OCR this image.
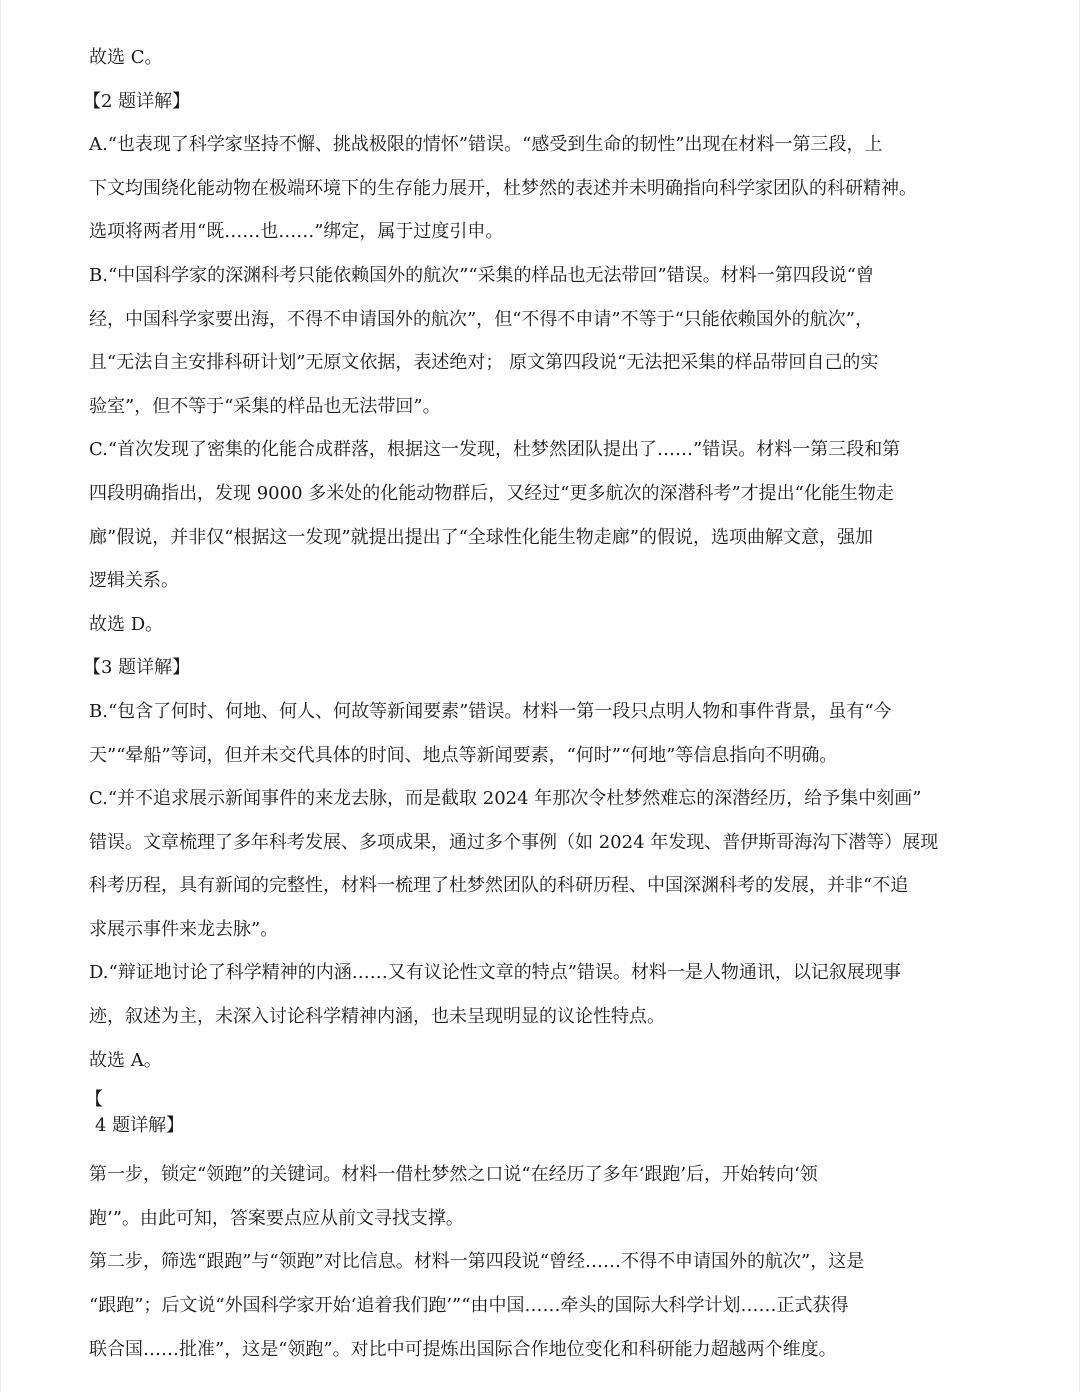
故选 C。
【2 题详解】
A.“也表现了科学家坚持不懈、挑战极限的情怀”错误。“感受到生命的韧性”出现在材料一第三段，上
下文均围绕化能动物在极端环境下的生存能力展开，杜梦然的表述并未明确指向科学家团队的科研精神。
选项将两者用“既……也……”绑定，属于过度引申。
B.“中国科学家的深渊科考只能依赖国外的航次”“采集的样品也无法带回”错误。材料一第四段说“曾
经，中国科学家要出海，不得不申请国外的航次”，但“不得不申请”不等于“只能依赖国外的航次”，
且“无法自主安排科研计划”无原文依据，表述绝对； 原文第四段说“无法把采集的样品带回自己的实
验室”，但不等于“采集的样品也无法带回”。
C.“首次发现了密集的化能合成群落，根据这一发现，杜梦然团队提出了……”错误。材料一第三段和第
四段明确指出，发现 9000 多米处的化能动物群后，又经过“更多航次的深潜科考”才提出“化能生物走
廊”假说，并非仅“根据这一发现”就提出提出了“全球性化能生物走廊”的假说，选项曲解文意，强加
逻辑关系。
故选 D。
【3 题详解】
B.“包含了何时、何地、何人、何故等新闻要素”错误。材料一第一段只点明人物和事件背景，虽有“今
天”“晕船”等词，但并未交代具体的时间、地点等新闻要素，“何时”“何地”等信息指向不明确。
C.“并不追求展示新闻事件的来龙去脉，而是截取 2024 年那次令杜梦然难忘的深潜经历，给予集中刻画”
错误。文章梳理了多年科考发展、多项成果，通过多个事例（如 2024 年发现、普伊斯哥海沟下潜等）展现
科考历程，具有新闻的完整性，材料一梳理了杜梦然团队的科研历程、中国深渊科考的发展，并非“不追
求展示事件来龙去脉”。
D.“辩证地讨论了科学精神的内涵……又有议论性文章的特点”错误。材料一是人物通讯，以记叙展现事
迹，叙述为主，未深入讨论科学精神内涵，也未呈现明显的议论性特点。
故选 A。
【
4 题详解】
第一步，锁定“领跑”的关键词。材料一借杜梦然之口说“在经历了多年‘跟跑’后，开始转向‘领
跑’”。由此可知，答案要点应从前文寻找支撑。
第二步，筛选“跟跑”与“领跑”对比信息。材料一第四段说“曾经……不得不申请国外的航次”，这是
“跟跑”；后文说“外国科学家开始‘追着我们跑’”“由中国……牵头的国际大科学计划……正式获得
联合国……批准”，这是“领跑”。对比中可提炼出国际合作地位变化和科研能力超越两个维度。
